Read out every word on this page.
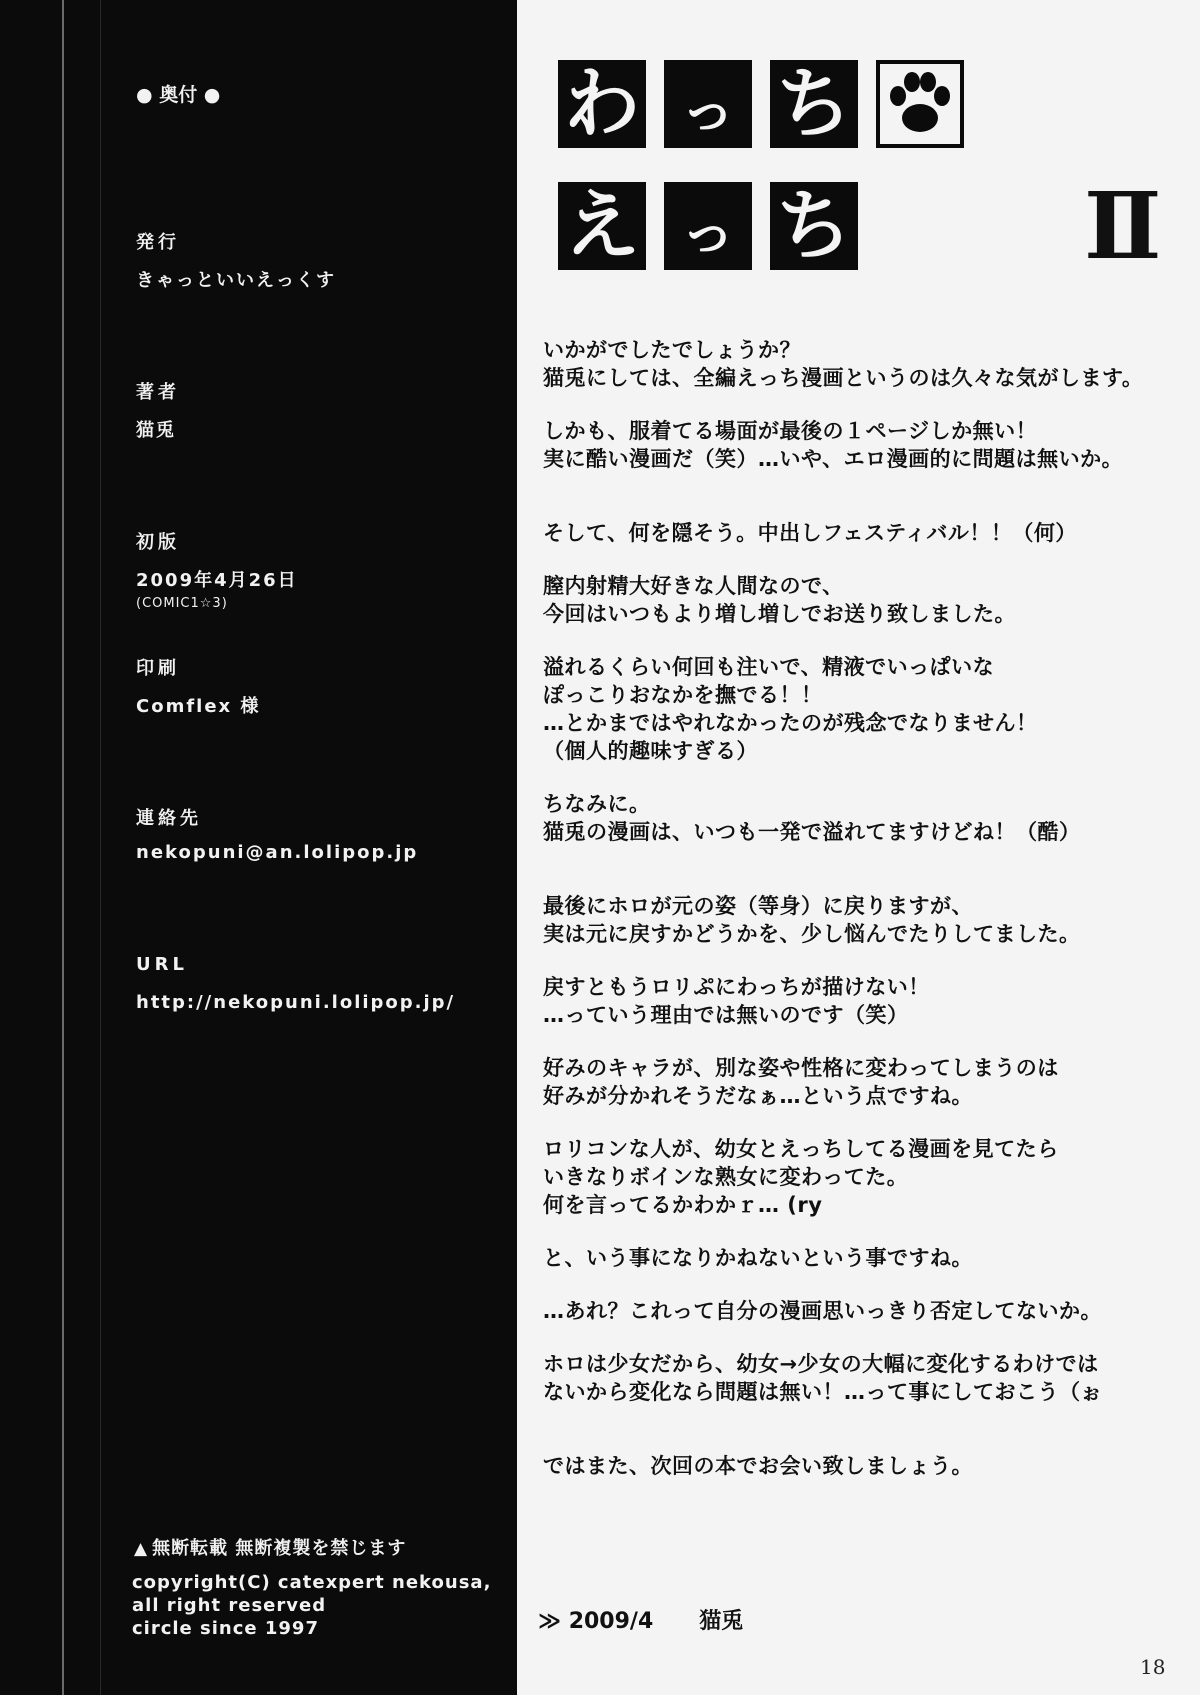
● 奥付 ●
発行
きゃっといいえっくす
著者
猫兎
初版
2009年4月26日
(COMIC1☆3)
印刷
Comflex 様
連絡先
nekopuni@an.lolipop.jp
URL
http://nekopuni.lolipop.jp/
▲ 無断転載 無断複製を禁じます
copyright(C) catexpert nekousa,
all right reserved
circle since 1997
わ っ ち
え っ ち	Ⅱ

いかがでしたでしょうか？
猫兎にしては、全編えっち漫画というのは久々な気がします。

しかも、服着てる場面が最後の１ページしか無い！
実に酷い漫画だ（笑）…いや、エロ漫画的に問題は無いか。

そして、何を隠そう。中出しフェスティバル！！（何）

膣内射精大好きな人間なので、
今回はいつもより増し増しでお送り致しました。

溢れるくらい何回も注いで、精液でいっぱいな
ぽっこりおなかを撫でる！！
…とかまではやれなかったのが残念でなりません！
（個人的趣味すぎる）

ちなみに。
猫兎の漫画は、いつも一発で溢れてますけどね！（酷）

最後にホロが元の姿（等身）に戻りますが、
実は元に戻すかどうかを、少し悩んでたりしてました。

戻すともうロリぷにわっちが描けない！
…っていう理由では無いのです（笑）

好みのキャラが、別な姿や性格に変わってしまうのは
好みが分かれそうだなぁ…という点ですね。

ロリコンな人が、幼女とえっちしてる漫画を見てたら
いきなりボインな熟女に変わってた。
何を言ってるかわかｒ… (ry

と、いう事になりかねないという事ですね。

…あれ？これって自分の漫画思いっきり否定してないか。

ホロは少女だから、幼女→少女の大幅に変化するわけでは
ないから変化なら問題は無い！…って事にしておこう（ぉ

ではまた、次回の本でお会い致しましょう。

≫ 2009/4 猫兎
18
